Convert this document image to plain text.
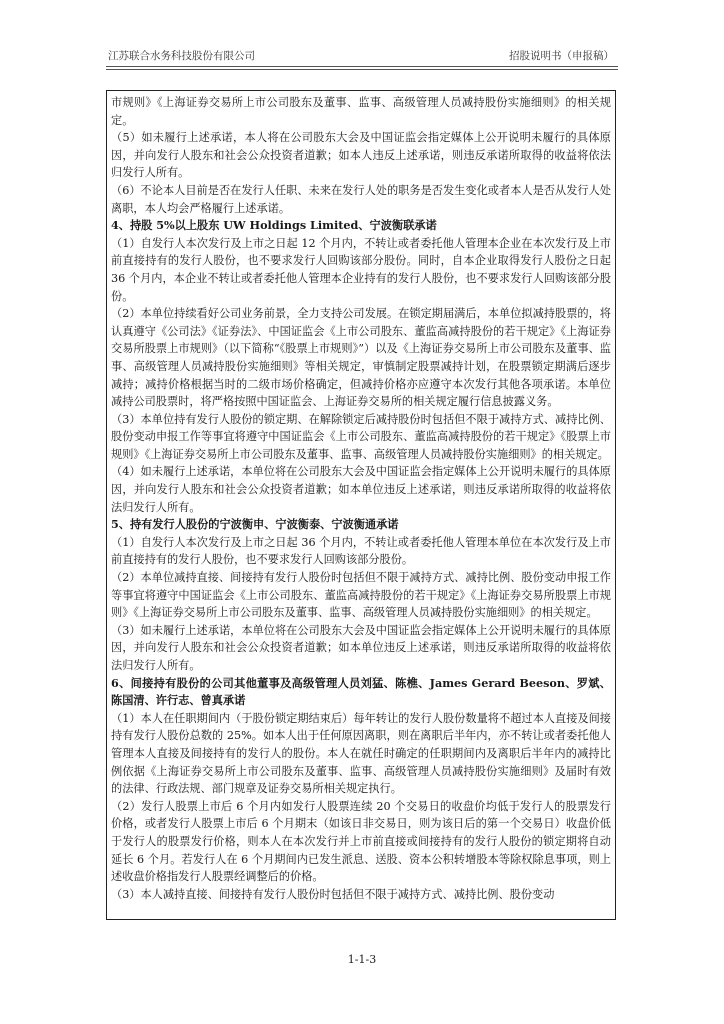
江苏联合水务科技股份有限公司	招股说明书（申报稿）

市规则》《上海证券交易所上市公司股东及董事、监事、高级管理人员减持股份实施细则》的相关规定。

（5）如未履行上述承诺，本人将在公司股东大会及中国证监会指定媒体上公开说明未履行的具体原因，并向发行人股东和社会公众投资者道歉；如本人违反上述承诺，则违反承诺所取得的收益将依法归发行人所有。

（6）不论本人目前是否在发行人任职、未来在发行人处的职务是否发生变化或者本人是否从发行人处离职，本人均会严格履行上述承诺。

4、持股 5%以上股东 UW Holdings Limited、宁波衡联承诺

（1）自发行人本次发行及上市之日起 12 个月内，不转让或者委托他人管理本企业在本次发行及上市前直接持有的发行人股份，也不要求发行人回购该部分股份。同时，自本企业取得发行人股份之日起 36 个月内，本企业不转让或者委托他人管理本企业持有的发行人股份，也不要求发行人回购该部分股份。

（2）本单位持续看好公司业务前景，全力支持公司发展。在锁定期届满后，本单位拟减持股票的，将认真遵守《公司法》《证券法》、中国证监会《上市公司股东、董监高减持股份的若干规定》《上海证券交易所股票上市规则》（以下简称“《股票上市规则》”）以及《上海证券交易所上市公司股东及董事、监事、高级管理人员减持股份实施细则》等相关规定，审慎制定股票减持计划，在股票锁定期满后逐步减持；减持价格根据当时的二级市场价格确定，但减持价格亦应遵守本次发行其他各项承诺。本单位减持公司股票时，将严格按照中国证监会、上海证券交易所的相关规定履行信息披露义务。

（3）本单位持有发行人股份的锁定期、在解除锁定后减持股份时包括但不限于减持方式、减持比例、股份变动申报工作等事宜将遵守中国证监会《上市公司股东、董监高减持股份的若干规定》《股票上市规则》《上海证券交易所上市公司股东及董事、监事、高级管理人员减持股份实施细则》的相关规定。

（4）如未履行上述承诺，本单位将在公司股东大会及中国证监会指定媒体上公开说明未履行的具体原因，并向发行人股东和社会公众投资者道歉；如本单位违反上述承诺，则违反承诺所取得的收益将依法归发行人所有。

5、持有发行人股份的宁波衡申、宁波衡泰、宁波衡通承诺

（1）自发行人本次发行及上市之日起 36 个月内，不转让或者委托他人管理本单位在本次发行及上市前直接持有的发行人股份，也不要求发行人回购该部分股份。

（2）本单位减持直接、间接持有发行人股份时包括但不限于减持方式、减持比例、股份变动申报工作等事宜将遵守中国证监会《上市公司股东、董监高减持股份的若干规定》《上海证券交易所股票上市规则》《上海证券交易所上市公司股东及董事、监事、高级管理人员减持股份实施细则》的相关规定。

（3）如未履行上述承诺，本单位将在公司股东大会及中国证监会指定媒体上公开说明未履行的具体原因，并向发行人股东和社会公众投资者道歉；如本单位违反上述承诺，则违反承诺所取得的收益将依法归发行人所有。

6、间接持有股份的公司其他董事及高级管理人员刘猛、陈樵、James Gerard Beeson、罗斌、陈国清、许行志、曾真承诺

（1）本人在任职期间内（于股份锁定期结束后）每年转让的发行人股份数量将不超过本人直接及间接持有发行人股份总数的 25%。如本人出于任何原因离职，则在离职后半年内，亦不转让或者委托他人管理本人直接及间接持有的发行人的股份。本人在就任时确定的任职期间内及离职后半年内的减持比例依据《上海证券交易所上市公司股东及董事、监事、高级管理人员减持股份实施细则》及届时有效的法律、行政法规、部门规章及证券交易所相关规定执行。

（2）发行人股票上市后 6 个月内如发行人股票连续 20 个交易日的收盘价均低于发行人的股票发行价格，或者发行人股票上市后 6 个月期末（如该日非交易日，则为该日后的第一个交易日）收盘价低于发行人的股票发行价格，则本人在本次发行并上市前直接或间接持有的发行人股份的锁定期将自动延长 6 个月。若发行人在 6 个月期间内已发生派息、送股、资本公积转增股本等除权除息事项，则上述收盘价格指发行人股票经调整后的价格。

（3）本人减持直接、间接持有发行人股份时包括但不限于减持方式、减持比例、股份变动

1-1-3
